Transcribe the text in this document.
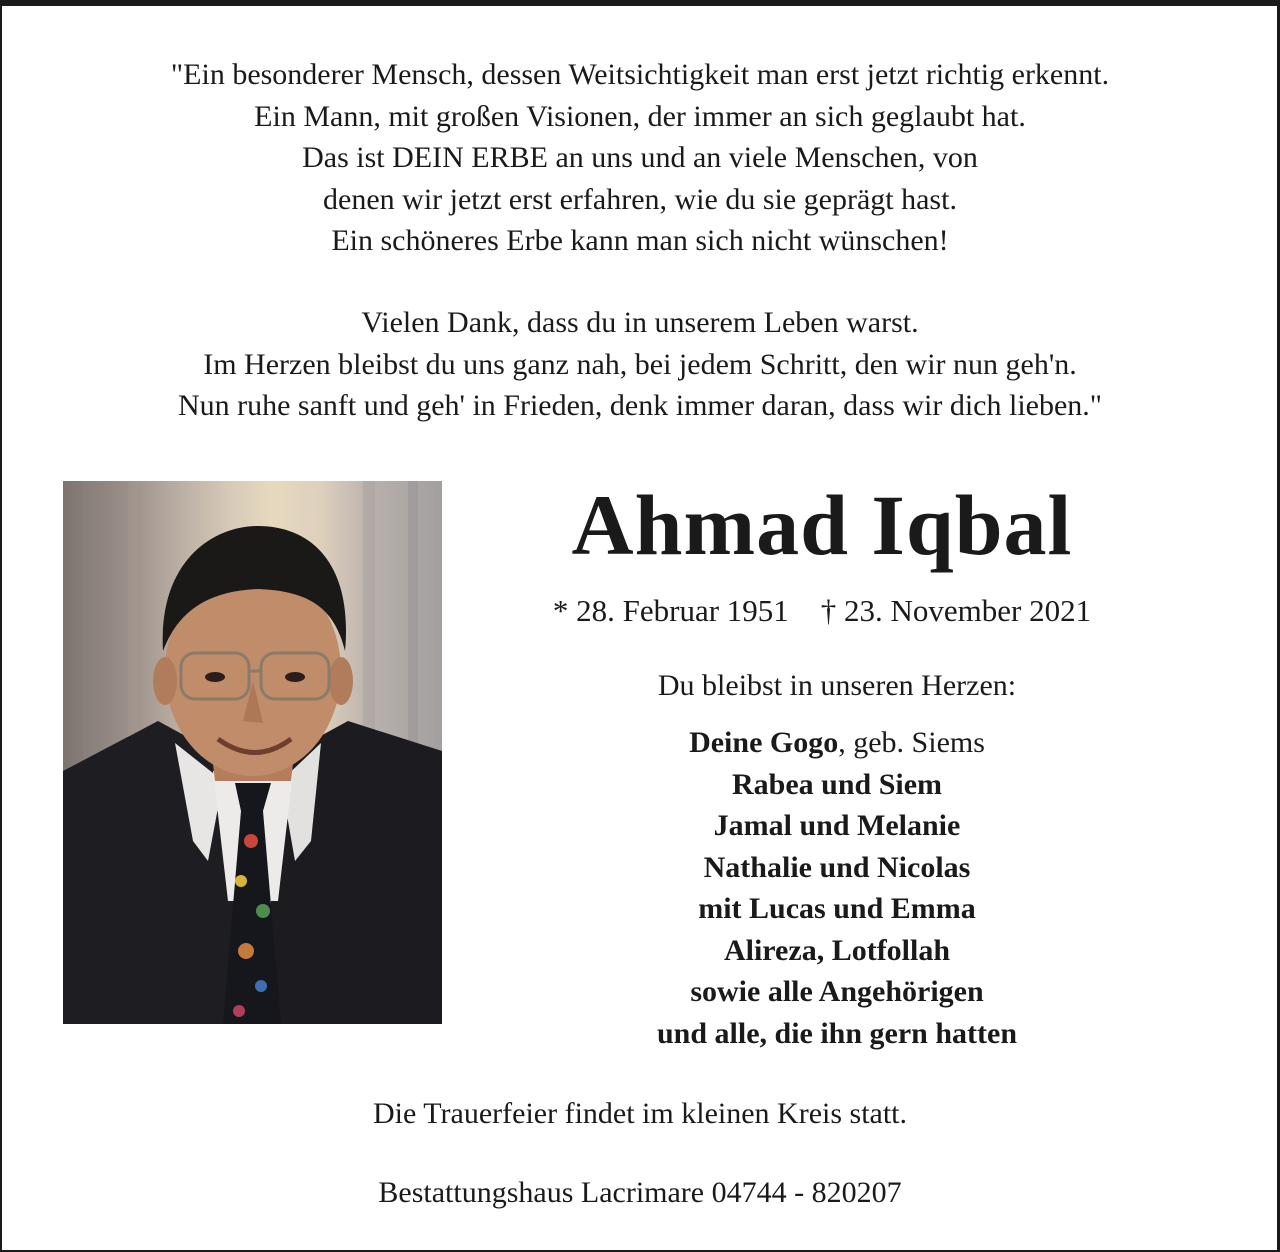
"Ein besonderer Mensch, dessen Weitsichtigkeit man erst jetzt richtig erkennt.
Ein Mann, mit großen Visionen, der immer an sich geglaubt hat.
Das ist DEIN ERBE an uns und an viele Menschen, von
denen wir jetzt erst erfahren, wie du sie geprägt hast.
Ein schöneres Erbe kann man sich nicht wünschen!
Vielen Dank, dass du in unserem Leben warst.
Im Herzen bleibst du uns ganz nah, bei jedem Schritt, den wir nun geh'n.
Nun ruhe sanft und geh' in Frieden, denk immer daran, dass wir dich lieben."
Ahmad Iqbal
* 28. Februar 1951 † 23. November 2021
Du bleibst in unseren Herzen:
Deine Gogo, geb. Siems
Rabea und Siem
Jamal und Melanie
Nathalie und Nicolas
mit Lucas und Emma
Alireza, Lotfollah
sowie alle Angehörigen
und alle, die ihn gern hatten
Die Trauerfeier findet im kleinen Kreis statt.
Bestattungshaus Lacrimare 04744 - 820207
